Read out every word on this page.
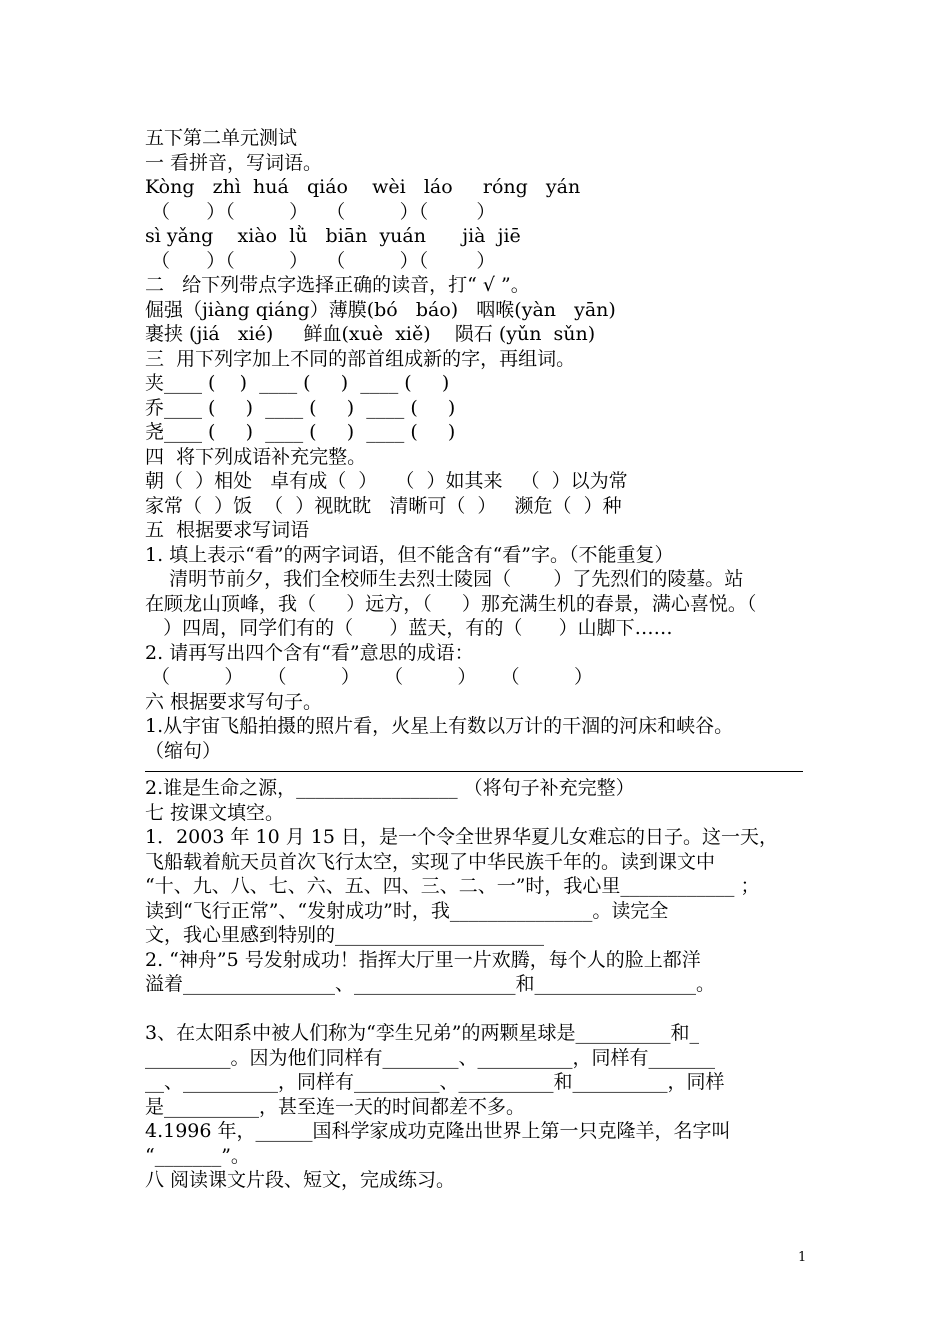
五下第二单元测试
一 看拼音，写词语。
Kòng   zhì  huá   qiáo    wèi   láo     róng   yán
（      ）（         ）   （         ）（        ）
sì yǎng    xiào  lǜ   biān  yuán      jià  jiē
（      ）（         ）   （         ）（        ）
二   给下列带点字选择正确的读音，打“ √ ”。
倔强（jiàng qiáng）薄膜(bó   báo)   咽喉(yàn   yān)
裹挟 (jiá   xié)     鲜血(xuè  xiě)    陨石 (yǔn  sǔn)
三  用下列字加上不同的部首组成新的字，再组词。
夹____ (    )  ____ (     )  ____ (     )
乔____ (     )  ____ (     )  ____ (     )
尧____ (     )  ____ (     )  ____ (     )
四  将下列成语补充完整。
朝（  ）相处   卓有成（  ）   （  ）如其来   （  ）以为常
家常（  ）饭  （  ）视眈眈   清晰可（  ）   濒危（  ）种
五  根据要求写词语
1. 填上表示“看”的两字词语，但不能含有“看”字。（不能重复）
清明节前夕，我们全校师生去烈士陵园（       ）了先烈们的陵墓。站
在顾龙山顶峰，我（     ）远方，（     ）那充满生机的春景，满心喜悦。（
）四周，同学们有的（      ）蓝天，有的（      ）山脚下……
2. 请再写出四个含有“看”意思的成语：
（         ）    （         ）    （         ）    （         ）
六 根据要求写句子。
1.从宇宙飞船拍摄的照片看，火星上有数以万计的干涸的河床和峡谷。
（缩句）
2.谁是生命之源，_________________ （将句子补充完整）
七 按课文填空。
1．2003 年 10 月 15 日，是一个令全世界华夏儿女难忘的日子。这一天，
飞船载着航天员首次飞行太空，实现了中华民族千年的。读到课文中
“十、九、八、七、六、五、四、三、二、一”时，我心里____________ ；
读到“飞行正常”、“发射成功”时，我_______________。读完全
文，我心里感到特别的______________________
2. “神舟”5 号发射成功！指挥大厅里一片欢腾，每个人的脸上都洋
溢着________________、_________________和_________________。
3、在太阳系中被人们称为“孪生兄弟”的两颗星球是__________和_
_________。因为他们同样有________、__________，同样有_______
__、__________，同样有_________、__________和__________，同样
是__________，甚至连一天的时间都差不多。
4.1996 年，______国科学家成功克隆出世界上第一只克隆羊，名字叫
“_______”。
八 阅读课文片段、短文，完成练习。
1
